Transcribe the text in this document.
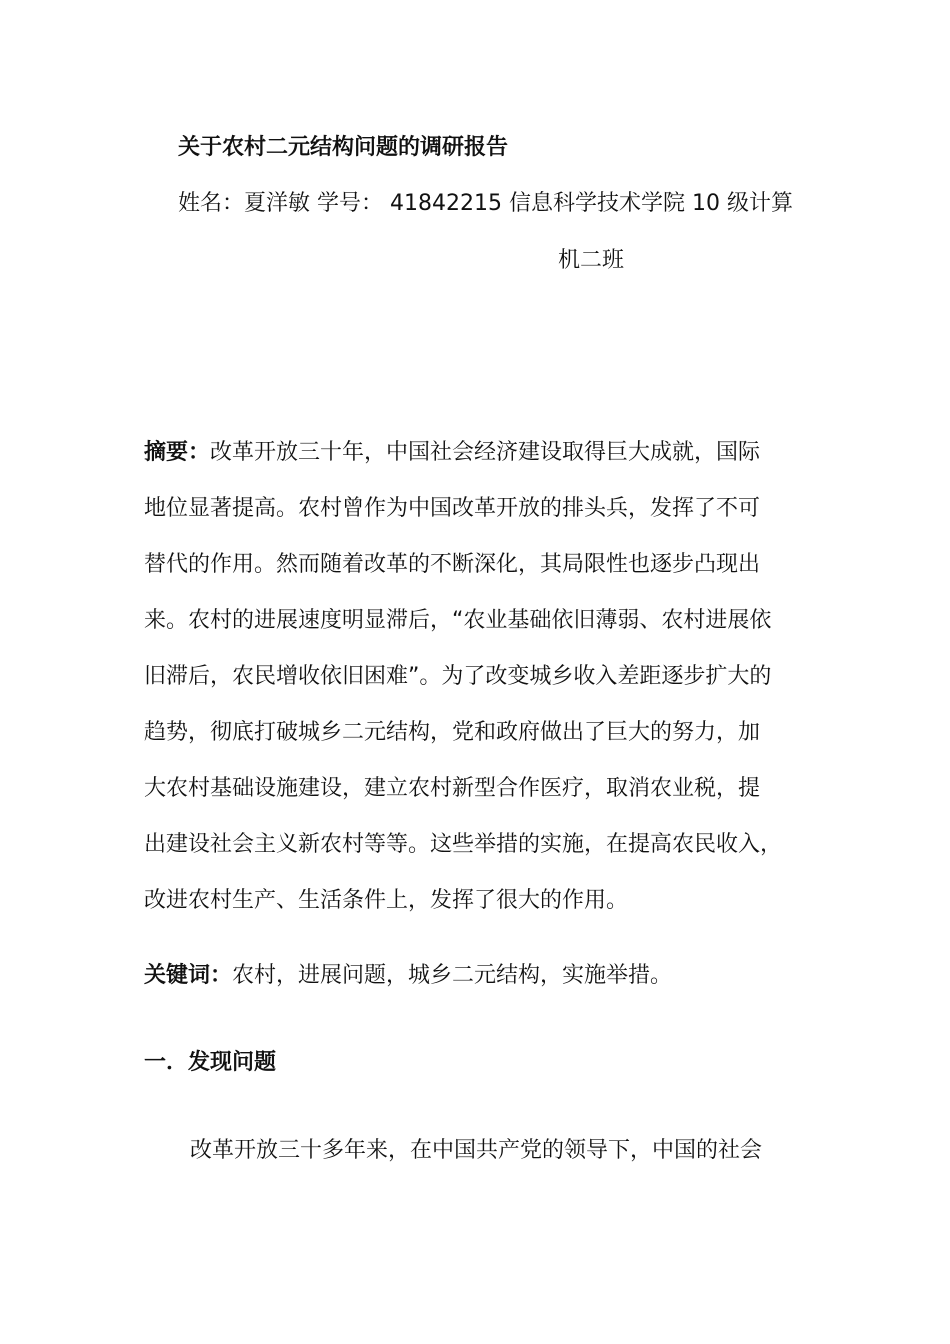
关于农村二元结构问题的调研报告
姓名：夏洋敏 学号： 41842215 信息科学技术学院 10 级计算
机二班
摘要：改革开放三十年，中国社会经济建设取得巨大成就，国际
地位显著提高。农村曾作为中国改革开放的排头兵，发挥了不可
替代的作用。然而随着改革的不断深化，其局限性也逐步凸现出
来。农村的进展速度明显滞后，“农业基础依旧薄弱、农村进展依
旧滞后，农民增收依旧困难”。为了改变城乡收入差距逐步扩大的
趋势，彻底打破城乡二元结构，党和政府做出了巨大的努力，加
大农村基础设施建设，建立农村新型合作医疗，取消农业税，提
出建设社会主义新农村等等。这些举措的实施，在提高农民收入，
改进农村生产、生活条件上，发挥了很大的作用。
关键词：农村，进展问题，城乡二元结构，实施举措。
一．发现问题
改革开放三十多年来，在中国共产党的领导下，中国的社会
